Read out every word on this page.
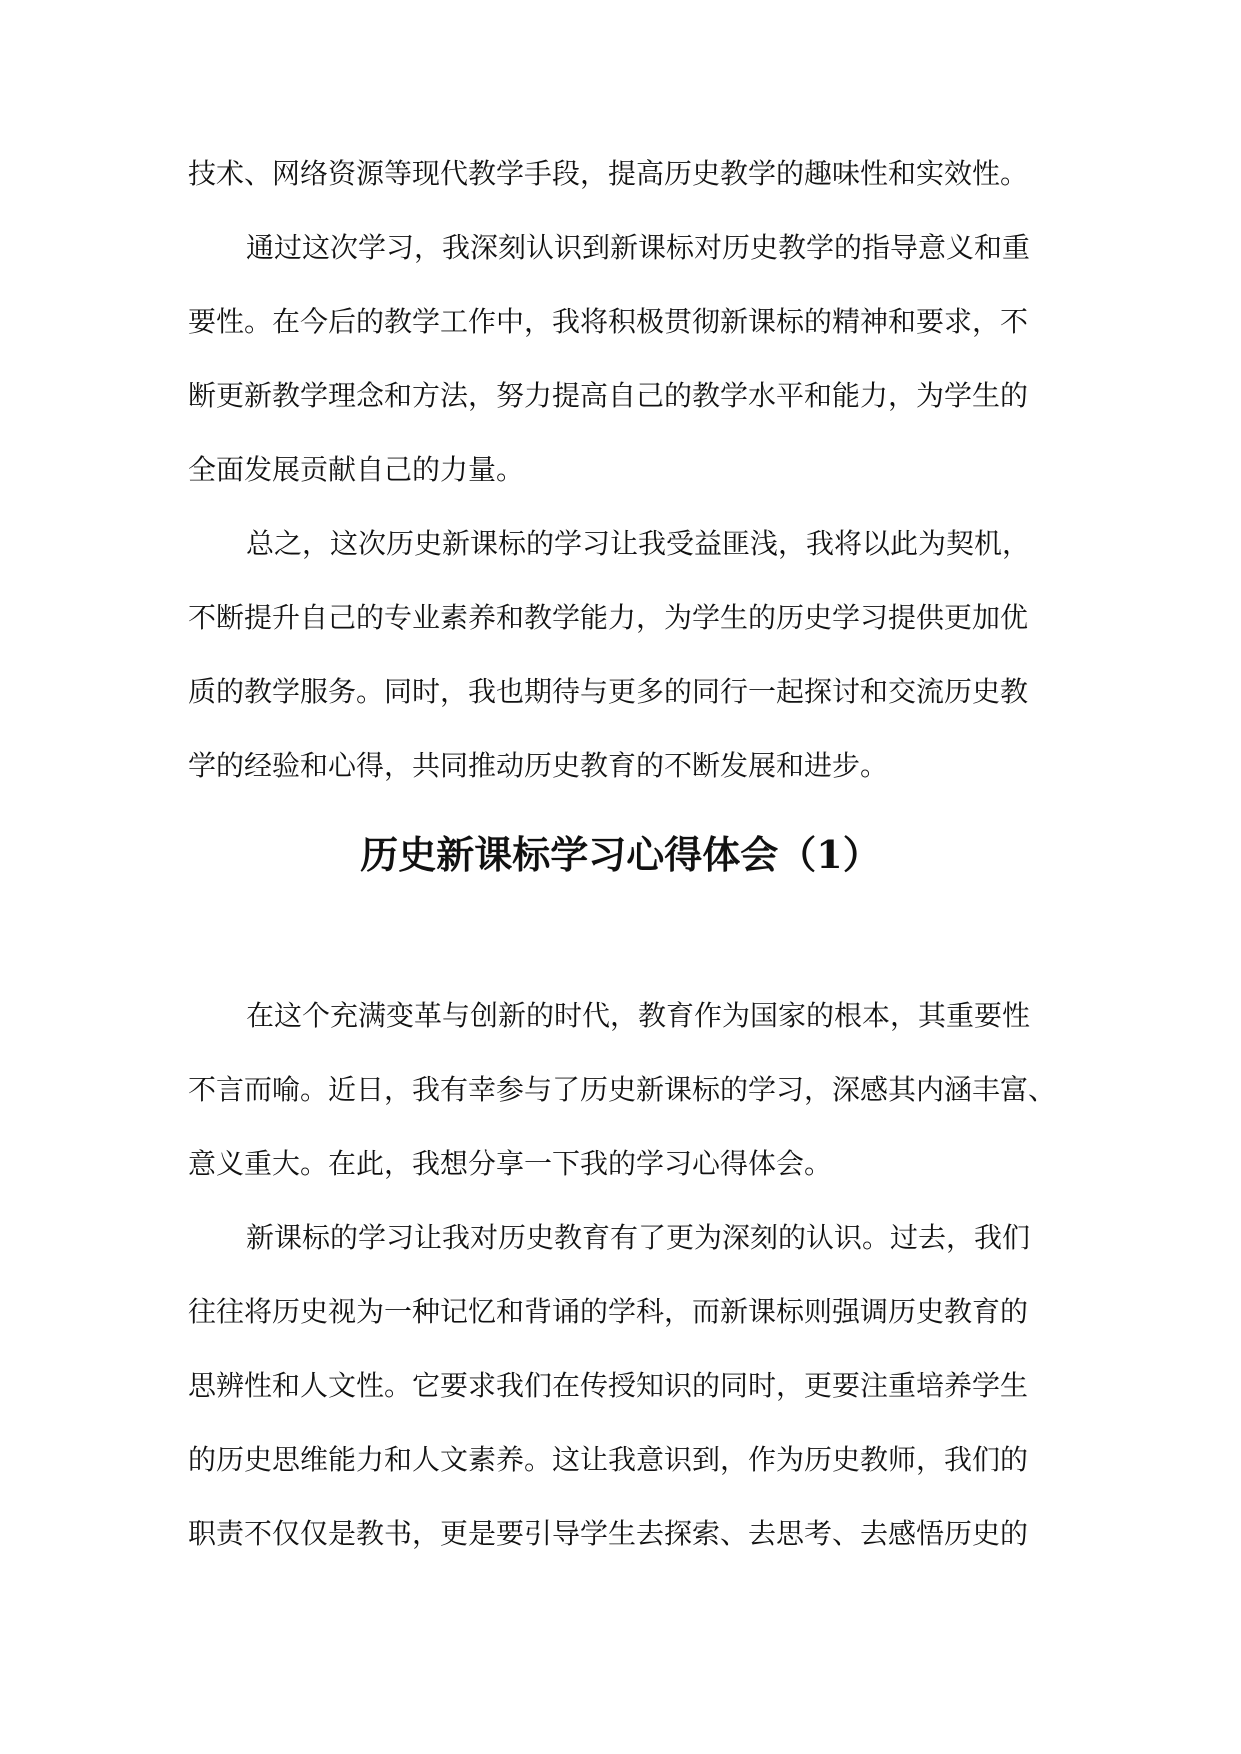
技术、网络资源等现代教学手段，提高历史教学的趣味性和实效性。
通过这次学习，我深刻认识到新课标对历史教学的指导意义和重
要性。在今后的教学工作中，我将积极贯彻新课标的精神和要求，不
断更新教学理念和方法，努力提高自己的教学水平和能力，为学生的
全面发展贡献自己的力量。
总之，这次历史新课标的学习让我受益匪浅，我将以此为契机，
不断提升自己的专业素养和教学能力，为学生的历史学习提供更加优
质的教学服务。同时，我也期待与更多的同行一起探讨和交流历史教
学的经验和心得，共同推动历史教育的不断发展和进步。
历史新课标学习心得体会（1）
在这个充满变革与创新的时代，教育作为国家的根本，其重要性
不言而喻。近日，我有幸参与了历史新课标的学习，深感其内涵丰富、
意义重大。在此，我想分享一下我的学习心得体会。
新课标的学习让我对历史教育有了更为深刻的认识。过去，我们
往往将历史视为一种记忆和背诵的学科，而新课标则强调历史教育的
思辨性和人文性。它要求我们在传授知识的同时，更要注重培养学生
的历史思维能力和人文素养。这让我意识到，作为历史教师，我们的
职责不仅仅是教书，更是要引导学生去探索、去思考、去感悟历史的
